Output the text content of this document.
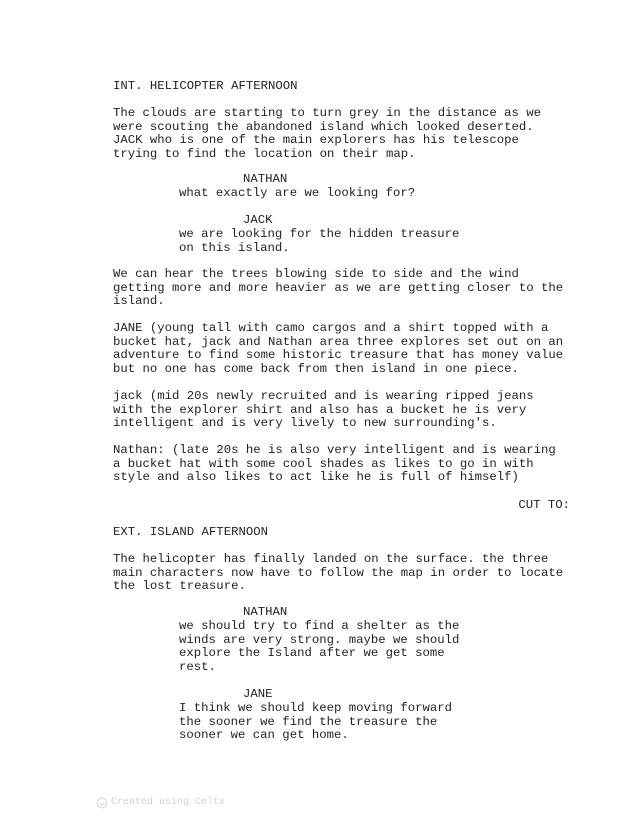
INT. HELICOPTER AFTERNOON
The clouds are starting to turn grey in the distance as we
were scouting the abandoned island which looked deserted.
JACK who is one of the main explorers has his telescope
trying to find the location on their map.
NATHAN
what exactly are we looking for?
JACK
we are looking for the hidden treasure
on this island.
We can hear the trees blowing side to side and the wind
getting more and more heavier as we are getting closer to the
island.
JANE (young tall with camo cargos and a shirt topped with a
bucket hat, jack and Nathan area three explores set out on an
adventure to find some historic treasure that has money value
but no one has come back from then island in one piece.
jack (mid 20s newly recruited and is wearing ripped jeans
with the explorer shirt and also has a bucket he is very
intelligent and is very lively to new surrounding's.
Nathan: (late 20s he is also very intelligent and is wearing
a bucket hat with some cool shades as likes to go in with
style and also likes to act like he is full of himself)
CUT TO:
EXT. ISLAND AFTERNOON
The helicopter has finally landed on the surface. the three
main characters now have to follow the map in order to locate
the lost treasure.
NATHAN
we should try to find a shelter as the
winds are very strong. maybe we should
explore the Island after we get some
rest.
JANE
I think we should keep moving forward
the sooner we find the treasure the
sooner we can get home.
Created using Celtx
